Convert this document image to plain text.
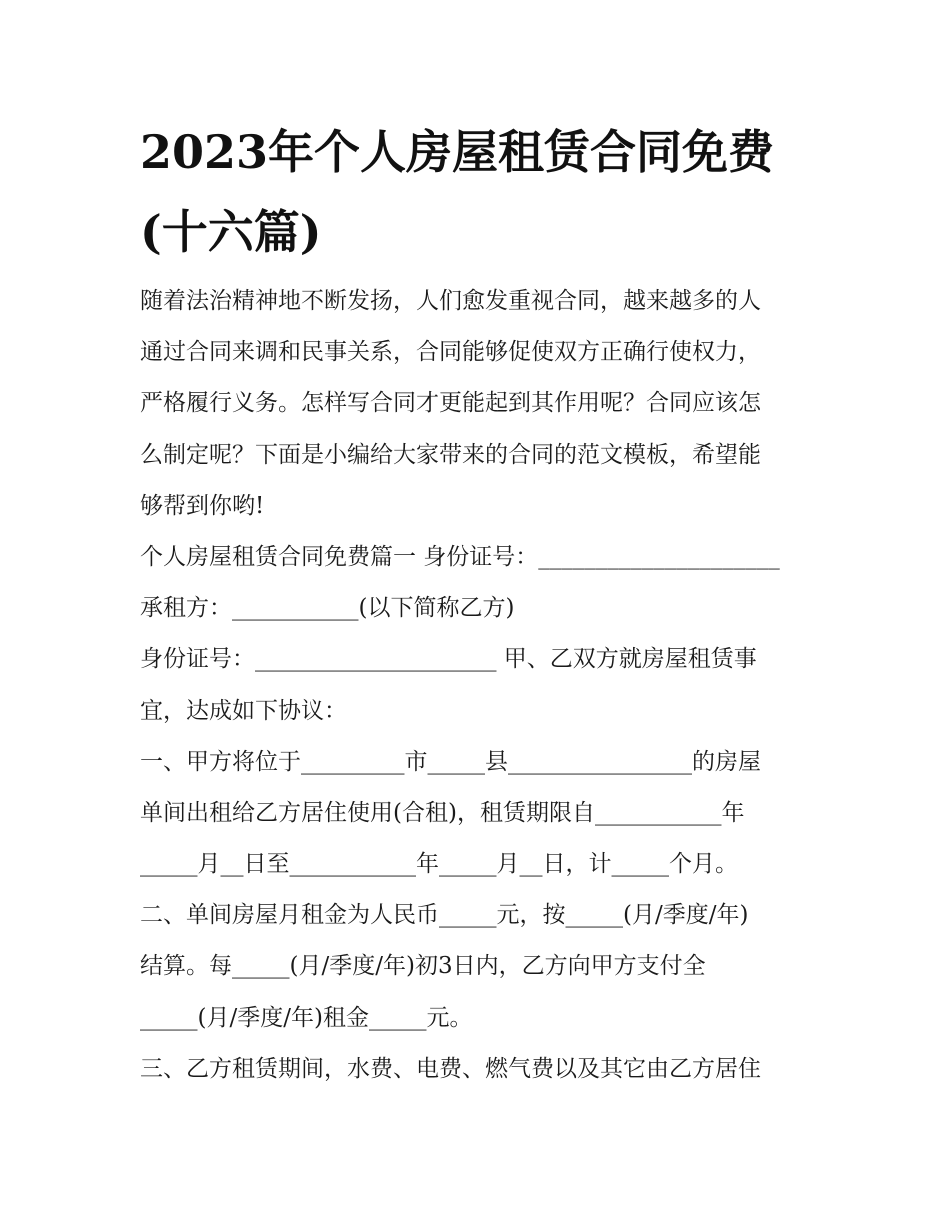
2023年个人房屋租赁合同免费
(十六篇)
随着法治精神地不断发扬，人们愈发重视合同，越来越多的人
通过合同来调和民事关系，合同能够促使双方正确行使权力，
严格履行义务。怎样写合同才更能起到其作用呢？合同应该怎
么制定呢？下面是小编给大家带来的合同的范文模板，希望能
够帮到你哟!
个人房屋租赁合同免费篇一 身份证号：_____________________
承租方：___________(以下简称乙方)
身份证号：_____________________ 甲、乙双方就房屋租赁事
宜，达成如下协议：
一、甲方将位于_________市_____县________________的房屋
单间出租给乙方居住使用(合租)，租赁期限自___________年
_____月__日至___________年_____月__日，计_____个月。
二、单间房屋月租金为人民币_____元，按_____(月/季度/年)
结算。每_____(月/季度/年)初3日内，乙方向甲方支付全
_____(月/季度/年)租金_____元。
三、乙方租赁期间，水费、电费、燃气费以及其它由乙方居住
